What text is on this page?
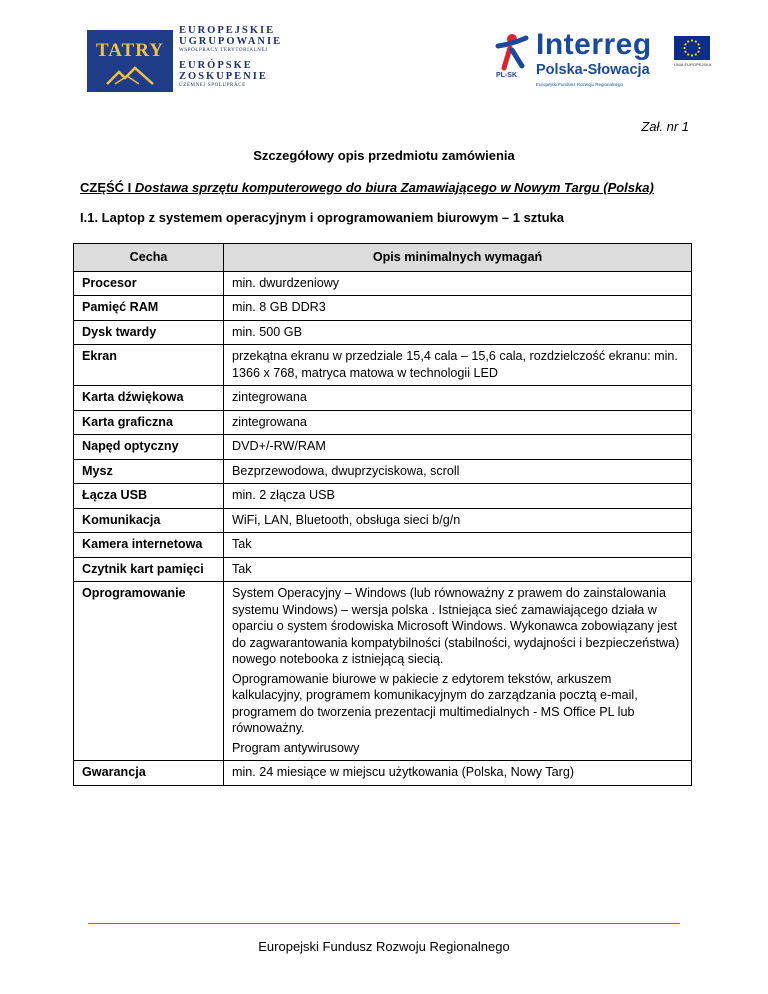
TATRY
EUROPEJSKIE
UGRUPOWANIE
WSPÓŁPRACY TERYTORIALNEJ
EURÓPSKE
ZOSKUPENIE
ÚZEMNEJ SPOLUPRÁCE
PL-SK
Interreg
Polska-Słowacja
Europejski Fundusz Rozwoju Regionalnego
UNIA EUROPEJSKA
Zał. nr 1
Szczegółowy opis przedmiotu zamówienia
CZĘŚĆ I Dostawa sprzętu komputerowego do biura Zamawiającego w Nowym Targu (Polska)
I.1. Laptop z systemem operacyjnym i oprogramowaniem biurowym – 1 sztuka
Cecha	Opis minimalnych wymagań
Procesor	min. dwurdzeniowy

Pamięć RAM	min. 8 GB DDR3

Dysk twardy	min. 500 GB

Ekran	przekątna ekranu w przedziale 15,4 cala – 15,6 cala, rozdzielczość ekranu: min. 1366 x 768, matryca matowa w technologii LED

Karta dźwiękowa	zintegrowana

Karta graficzna	zintegrowana

Napęd optyczny	DVD+/-RW/RAM

Mysz	Bezprzewodowa, dwuprzyciskowa, scroll

Łącza USB	min. 2 złącza USB

Komunikacja	WiFi, LAN, Bluetooth, obsługa sieci b/g/n

Kamera internetowa	Tak

Czytnik kart pamięci	Tak

Oprogramowanie	System Operacyjny – Windows (lub równoważny z prawem do zainstalowania systemu Windows) – wersja polska . Istniejąca sieć zamawiającego działa w oparciu o system środowiska Microsoft Windows. Wykonawca zobowiązany jest do zagwarantowania kompatybilności (stabilności, wydajności i bezpieczeństwa) nowego notebooka z istniejącą siecią.

Oprogramowanie biurowe w pakiecie z edytorem tekstów, arkuszem kalkulacyjny, programem komunikacyjnym do zarządzania pocztą e-mail, programem do tworzenia prezentacji multimedialnych - MS Office PL lub równoważny.

Program antywirusowy

Gwarancja	min. 24 miesiące w miejscu użytkowania (Polska, Nowy Targ)

Europejski Fundusz Rozwoju Regionalnego
